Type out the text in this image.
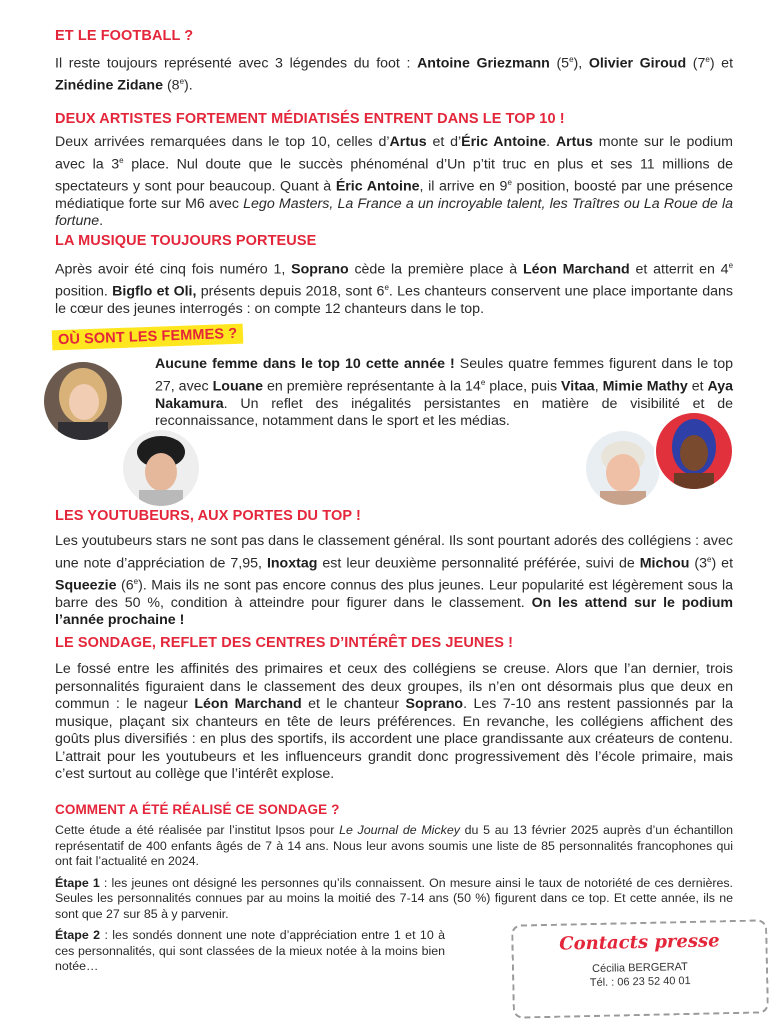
ET LE FOOTBALL ?

Il reste toujours représenté avec 3 légendes du foot : Antoine Griezmann (5e), Olivier Giroud (7e) et Zinédine Zidane (8e).

DEUX ARTISTES FORTEMENT MÉDIATISÉS ENTRENT DANS LE TOP 10 !

Deux arrivées remarquées dans le top 10, celles d’Artus et d’Éric Antoine. Artus monte sur le podium avec la 3e place. Nul doute que le succès phénoménal d’Un p’tit truc en plus et ses 11 millions de spectateurs y sont pour beaucoup. Quant à Éric Antoine, il arrive en 9e position, boosté par une présence médiatique forte sur M6 avec Lego Masters, La France a un incroyable talent, les Traîtres ou La Roue de la fortune.

LA MUSIQUE TOUJOURS PORTEUSE

Après avoir été cinq fois numéro 1, Soprano cède la première place à Léon Marchand et atterrit en 4e position. Bigflo et Oli, présents depuis 2018, sont 6e. Les chanteurs conservent une place importante dans le cœur des jeunes interrogés : on compte 12 chanteurs dans le top.

OÙ SONT LES FEMMES ?

Aucune femme dans le top 10 cette année ! Seules quatre femmes figurent dans le top 27, avec Louane en première représentante à la 14e place, puis Vitaa, Mimie Mathy et Aya Nakamura. Un reflet des inégalités persistantes en matière de visibilité et de reconnaissance, notamment dans le sport et les médias.

LES YOUTUBEURS, AUX PORTES DU TOP !

Les youtubeurs stars ne sont pas dans le classement général. Ils sont pourtant adorés des collégiens : avec une note d’appréciation de 7,95, Inoxtag est leur deuxième personnalité préférée, suivi de Michou (3e) et Squeezie (6e). Mais ils ne sont pas encore connus des plus jeunes. Leur popularité est légèrement sous la barre des 50 %, condition à atteindre pour figurer dans le classement. On les attend sur le podium l’année prochaine !

LE SONDAGE, REFLET DES CENTRES D’INTÉRÊT DES JEUNES !

Le fossé entre les affinités des primaires et ceux des collégiens se creuse. Alors que l’an dernier, trois personnalités figuraient dans le classement des deux groupes, ils n’en ont désormais plus que deux en commun : le nageur Léon Marchand et le chanteur Soprano. Les 7-10 ans restent passionnés par la musique, plaçant six chanteurs en tête de leurs préférences. En revanche, les collégiens affichent des goûts plus diversifiés : en plus des sportifs, ils accordent une place grandissante aux créateurs de contenu. L’attrait pour les youtubeurs et les influenceurs grandit donc progressivement dès l’école primaire, mais c’est surtout au collège que l’intérêt explose.

COMMENT A ÉTÉ RÉALISÉ CE SONDAGE ?

Cette étude a été réalisée par l’institut Ipsos pour Le Journal de Mickey du 5 au 13 février 2025 auprès d’un échantillon représentatif de 400 enfants âgés de 7 à 14 ans. Nous leur avons soumis une liste de 85 personnalités francophones qui ont fait l’actualité en 2024.

Étape 1 : les jeunes ont désigné les personnes qu’ils connaissent. On mesure ainsi le taux de notoriété de ces dernières. Seules les personnalités connues par au moins la moitié des 7-14 ans (50 %) figurent dans ce top. Et cette année, ils ne sont que 27 sur 85 à y parvenir.

Étape 2 : les sondés donnent une note d’appréciation entre 1 et 10 à ces personnalités, qui sont classées de la mieux notée à la moins bien notée…

Contacts presse
Cécilia BERGERAT
Tél. : 06 23 52 40 01
